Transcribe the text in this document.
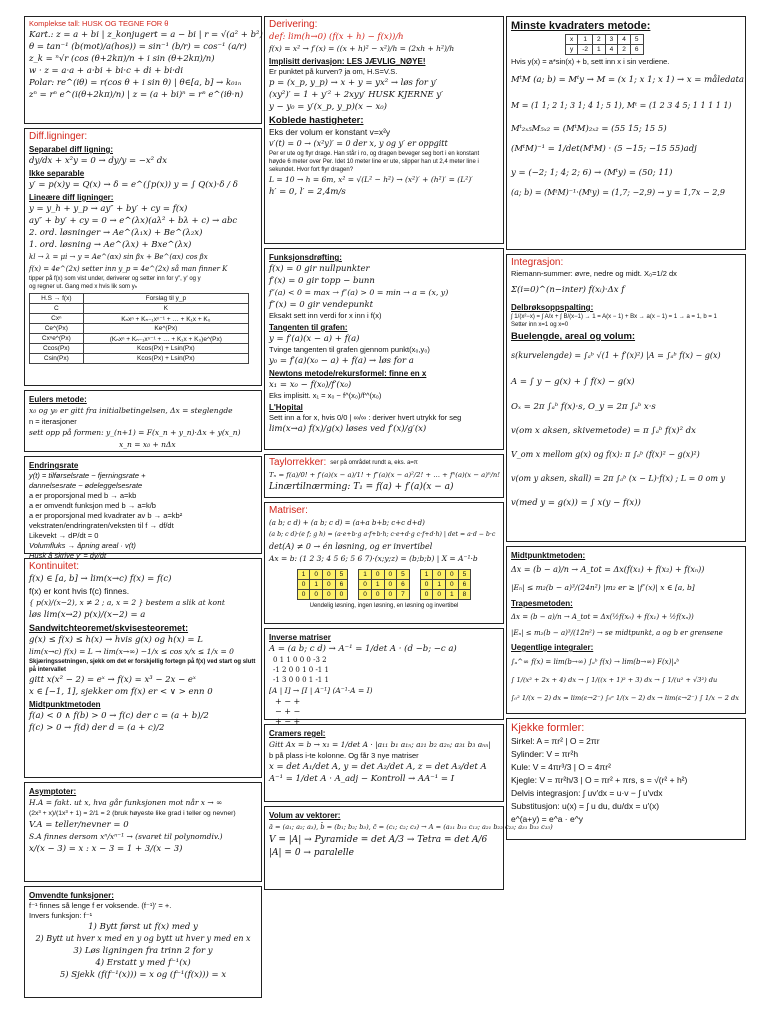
Komplekse tall: HUSK OG TEGNE FOR θ
Kart.: z = a + bi | z_konjugert = a − bi | r = √(a² + b²)
θ = tan⁻¹ (b(mot)/a(hos)) = sin⁻¹ (b/r) = cos⁻¹ (a/r)
z_k = ⁿ√r (cos (θ+2kπ)/n + i sin (θ+2kπ)/n)
w · z = a·a + a·bi + bi·c + di + bi·di
Polar: re^(iθ) = r(cos θ + i sin θ) | θ∈[a, b] → k₀₁ₙ
zⁿ = rⁿ e^(i(θ+2kπ)/n) | z = (a + bi)ⁿ = rⁿ e^(iθ·n)
Diff.ligninger:
Separabel diff ligning:
dy/dx + x²y = 0 → dy/y = −x² dx
Ikke separable
y′ = p(x)y = Q(x) → δ = e^(∫p(x)) y = ∫ Q(x)·δ / δ
Lineære diff ligninger:
y = y_h + y_p → ay″ + by′ + cy = f(x)
ay″ + by′ + cy = 0 → e^(λx)(aλ² + bλ + c) → abc
2. ord. løsninger → Ae^(λ₁x) + Be^(λ₂x)
1. ord. løsning → Ae^(λx) + Bxe^(λx)
kl → λ = μi → y = Ae^(αx) sin βx + Be^(αx) cos βx
f(x) = 4e^(2x) setter inn y_p = 4e^(2x) så man finner K
tipper på f(x) som vist under, deriverer og setter inn for y″, y′ og y
og regner ut. Gang med x hvis lik som yₕ
H.S → f(x)	Forslag til y_p
C	K
Cxⁿ	Kₙxⁿ + Kₙ₋₁xⁿ⁻¹ + … + K₁x + K₀
Ce^(Px)	Ke^(Px)
Cxⁿe^(Px)	(Kₙxⁿ + Kₙ₋₁xⁿ⁻¹ + … + K₁x + K₀)e^(Px)
Ccos(Px)	Kcos(Px) + Lsin(Px)
Csin(Px)	Kcos(Px) + Lsin(Px)
Eulers metode:
x₀ og y₀ er gitt fra initialbetingelsen, Δx = steglengde
n = iterasjoner
sett opp på formen: y_(n+1) = F(x_n + y_n)·Δx + y(x_n)
x_n = x₀ + nΔx
Endringsrate
y(t) = tilførselsrate − fjerningsrate +
dannelsesrate − ødeleggelsesrate
a er proporsjonal med b → a=kb
a er omvendt funksjon med b → a=k/b
a er proporsjonal med kvadrater av b → a=kb²
vekstraten/endringraten/veksten til f → df/dt
Likevekt → dP/dt = 0
Volumfluks → åpning areal · v(t)
Husk å skrive y′ = dy/dt
Kontinuitet:
f(x) ∈ [a, b] → lim(x→c) f(x) = f(c)
f(x) er kont hvis f(c) finnes.
{ p(x)/(x−2), x ≠ 2 ; a, x = 2 } bestem a slik at kont
løs lim(x→2) p(x)/(x−2) = a
Sandwitchteoremet/skvisesteoremet:
g(x) ≤ f(x) ≤ h(x) → hvis g(x) og h(x) = L
lim(x→c) f(x) = L → lim(x→∞) −1/x ≤ cos x/x ≤ 1/x = 0
Skjæringssetningen, sjekk om det er forskjellig fortegn på f(x) ved start og slutt på intervallet
gitt x(x² − 2) = eˣ → f(x) = x³ − 2x − eˣ
x ∈ [−1, 1], sjekker om f(x) er < ∨ > enn 0
Midtpunktmetoden
f(a) < 0 ∧ f(b) > 0 → f(c) der c = (a + b)/2
f(c) > 0 → f(d) der d = (a + c)/2
Asymptoter:
H.A = fakt. ut x, hva går funksjonen mot når x → ∞
(2x³ + x)/(1x³ + 1) = 2/1 = 2 (bruk høyeste like grad i teller og nevner)
V.A = teller/nevner = 0
S.A finnes dersom xⁿ/xⁿ⁻¹ → (svaret til polynomdiv.)
x/(x − 3) = x : x − 3 = 1 + 3/(x − 3)
Omvendte funksjoner:
f⁻¹ finnes så lenge f er voksende. (f⁻¹)′ = +.
Invers funksjon: f⁻¹
1) Bytt først ut f(x) med y
2) Bytt ut hver x med en y og bytt ut hver y med en x
3) Løs ligningen fra trinn 2 for y
4) Erstatt y med f⁻¹(x)
5) Sjekk (f(f⁻¹(x))) = x og (f⁻¹(f(x))) = x
Derivering:
def: lim(h→0) (f(x + h) − f(x))/h
f(x) = x² → f′(x) = ((x + h)² − x²)/h = (2xh + h²)/h
Implisitt derivasjon: LES JÆVLIG_NØYE!
Er punktet på kurven? ja om, H.S=V.S.
p = (x_p, y_p) → x + y = yx² → løs for y′
(xy²)′ = 1 + y′² + 2xyy′ HUSK KJERNE y′
y − y₀ = y′(x_p, y_p)(x − x₀)
Koblede hastigheter:
Eks der volum er konstant v=x²y
v′(t) = 0 → (x²y)′ = 0 der x, y og y′ er oppgitt
Per er ute og flyr drage. Han står i ro, og dragen beveger seg bort i en konstant
høyde 6 meter over Per. Idet 10 meter line er ute, slipper han ut 2,4 meter line i
sekundet. Hvor fort flyr dragen?
L = 10 → h = 6m, x² = √(L² − h²) → (x²)′ + (h²)′ = (L²)′
h′ = 0, l′ = 2,4m/s
Funksjonsdrøfting:
f(x) = 0 gir nullpunkter
f′(x) = 0 gir topp − bunn
f″(a) < 0 = max → f″(a) > 0 = min → a = (x, y)
f″(x) = 0 gir vendepunkt
Eksakt sett inn verdi for x inn i f(x)
Tangenten til grafen:
y = f′(a)(x − a) + f(a)
Tvinge tangenten til grafen gjennom punkt(x₀,y₀)
y₀ = f′(a)(x₀ − a) + f(a) → løs for a
Newtons metode/rekursformel: finne en x
x₁ = x₀ − f(x₀)/f′(x₀)
Eks implisitt. x₁ = x₀ − f^(x₀)/f′^(x₀)
L'Hopital
Sett inn a for x, hvis 0/0 | ∞/∞ : deriver hvert utrykk for seg
lim(x→a) f(x)/g(x) løses ved f′(x)/g′(x)
Taylorrekker: ser på området rundt a, eks. a=π
Tₙ = f(a)/0! + f′(a)(x − a)/1! + f″(a)(x − a)²/2! + … + fⁿ(a)(x − a)ⁿ/n!
Linærtilnærming: T₁ = f(a) + f′(a)(x − a)
Matriser:
(a b; c d) + (a b; c d) = (a+a b+b; c+c d+d)
(a b; c d)·(e f; g h) = (a·e+b·g a·f+b·h; c·e+d·g c·f+d·h) | det = a·d − b·c
det(A) ≠ 0 → én løsning, og er invertibel
Ax = b: (1 2 3; 4 5 6; 5 6 7)·(x;y;z) = (b;b;b) | X = A⁻¹·b
1	0	0	5
0	1	0	6
0	0	0	0
1	0	0	5
0	1	0	6
0	0	0	7
1	0	0	5
0	1	0	6
0	0	1	8
Uendelig løsning, ingen løsning, en løsning og invertibel
Inverse matriser
A = (a b; c d) → A⁻¹ = 1/det A · (d −b; −c a)
0 1 1 0 0 0 -3 2
-1 2 0 0 1 0 -1 1
-1 3 0 0 0 1 -1 1
[A | I] → [I | A⁻¹] (A⁻¹·A = I)
+ − +
− + −
+ − +
Cramers regel:
Gitt Ax = b → x₁ = 1/det A · |a₁₁ b₁ a₁ₙ; a₂₁ b₂ a₂ₙ; a₃₁ b₃ aₙₙ|
b på plass i-te kolonne. Og får 3 nye matriser
x = det A₁/det A, y = det A₂/det A, z = det A₃/det A
A⁻¹ = 1/det A · A_adj − Kontroll → AA⁻¹ = I
Volum av vektorer:
ā = (a₁; a₂; a₃), b̄ = (b₁; b₂; b₃), c̄ = (c₁; c₂; c₃) → A = (a₁₁ b₁₂ c₁₃; a₂₁ b₂₂ c₂₃; a₃₁ b₃₂ c₃₃)
V = |A| → Pyramide = det A/3 → Tetra = det A/6
|A| = 0 → paralelle
Minste kvadraters metode:
x	1	2	3	4	5
y	-2	1	4	2	6
Hvis y(x) = a*sin(x) + b, sett inn x i sin verdiene.
MᵗM (a; b) = Mᵗy → M = (x 1; x 1; x 1) → x = måledata
M = (1 1; 2 1; 3 1; 4 1; 5 1), Mᵗ = (1 2 3 4 5; 1 1 1 1 1)
Mᵗ₂ₓ₅M₅ₓ₂ = (MᵗM)₂ₓ₂ = (55 15; 15 5)
(MᵗM)⁻¹ = 1/det(MᵗM) · (5 −15; −15 55)adj
y = (−2; 1; 4; 2; 6) → (Mᵗy) = (50; 11)
(a; b) = (MᵗM)⁻¹·(Mᵗy) = (1,7; −2,9) → y = 1,7x − 2,9
Integrasjon:
Riemann-summer: øvre, nedre og midt. X₀=1/2 dx
Σ(i=0)^(n−inter) f(xᵢ)·Δx f
Delbrøksoppspalting:
∫ 1/(x²−x) = ∫ A/x + ∫ B/(x−1) → 1 = A(x − 1) + Bx → a(x − 1) = 1 → a = 1, b = 1
Setter inn x=1 og x=0
Buelengde, areal og volum:
s(kurvelengde) = ∫ₐᵇ √(1 + f′(x)²) |A = ∫ₐᵇ f(x) − g(x)
A = ∫ y − g(x) + ∫ f(x) − g(x)
Oₓ = 2π ∫ₐᵇ f(x)·s, O_y = 2π ∫ₐᵇ x·s
v(om x aksen, skivemetode) = π ∫ₐᵇ f(x)² dx
V_om x mellom g(x) og f(x): π ∫ₐᵇ (f(x)² − g(x)²)
v(om y aksen, skall) = 2π ∫ₐᵇ (x − L)·f(x) ; L = 0 om y
v(med y = g(x)) = ∫ x(y − f(x))
Midtpunktmetoden:
Δx = (b − a)/n → A_tot = Δx(f(x₁) + f(x₂) + f(xₙ))
|Eₙ| ≤ m₂(b − a)³/(24n²) |m₂ er ≥ |f″(x)| x ∈ [a, b]
Trapesmetoden:
Δx = (b − a)/n → A_tot = Δx(½f(x₀) + f(x₁) + ½f(xₙ))
|Eₙ| ≤ m₂(b − a)³/(12n²) → se midtpunkt, a og b er grensene
Uegentlige integraler:
∫ₐ^∞ f(x) = lim(b→∞) ∫ₐᵇ f(x) → lim(b→∞) F(x)|ₐᵇ
∫ 1/(x² + 2x + 4) dx → ∫ 1/((x + 1)² + 3) dx → ∫ 1/(u² + √3²) du
∫₀² 1/(x − 2) dx = lim(ε→2⁻) ∫₀ᵉ 1/(x − 2) dx → lim(ε→2⁻) ∫ 1/x − 2 dx
Kjekke formler:
Sirkel: A = πr² | O = 2πr
Sylinder: V = πr²h
Kule: V = 4πr³/3 | O = 4πr²
Kjegle: V = πr²h/3 | O = πr² + πrs, s = √(r² + h²)
Delvis integrasjon: ∫ uv′dx = u·v − ∫ u′vdx
Substitusjon: u(x) = ∫ u du, du/dx = u′(x)
e^(a+y) = e^a · e^y
